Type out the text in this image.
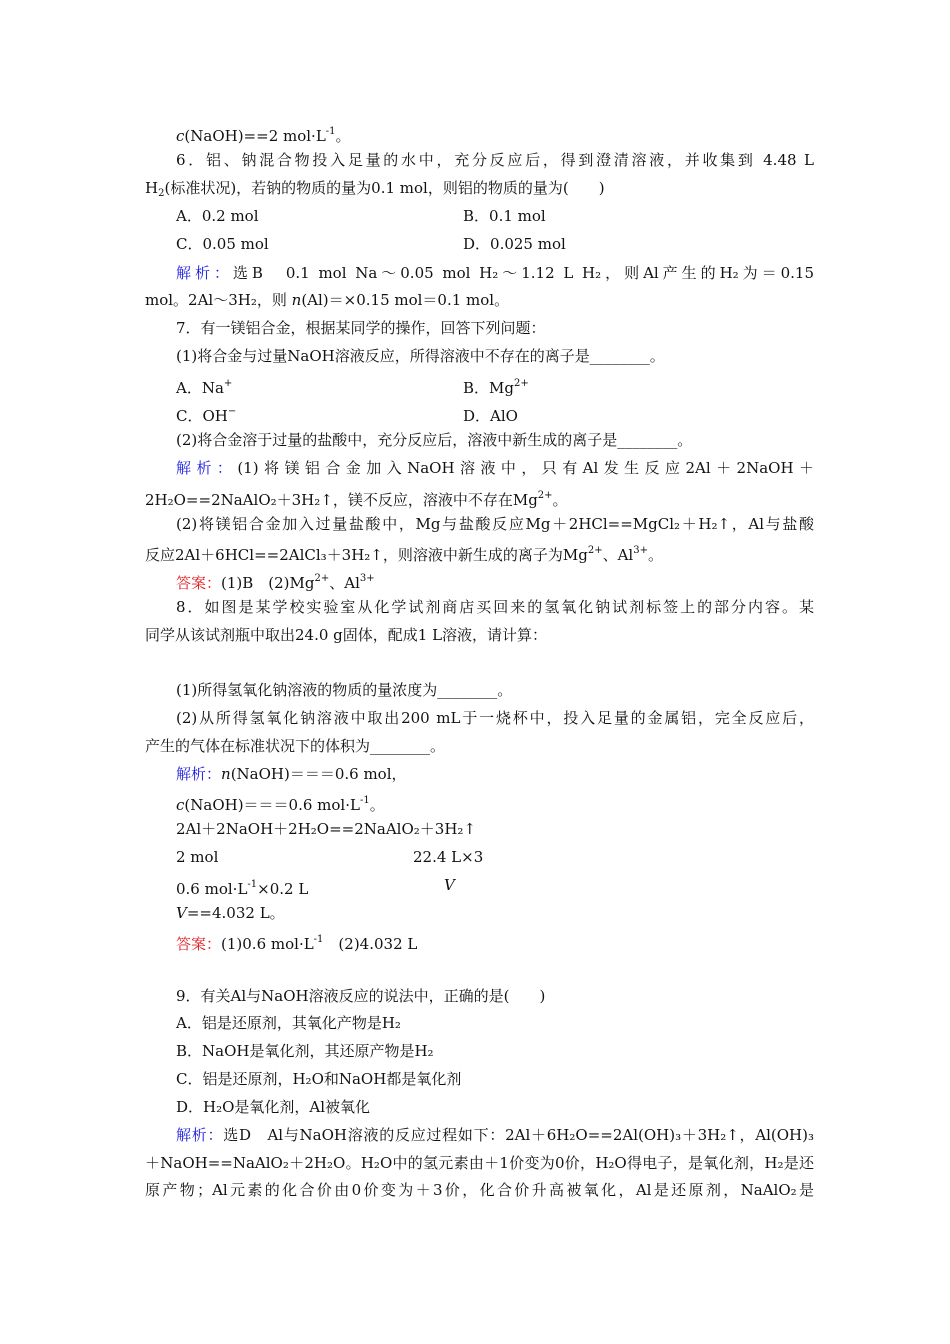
c(NaOH)==2 $mol\cdot L^{-1}$。
6．铝、钠混合物投入足量的水中，充分反应后，得到澄清溶液，并收集到 4.48 L
$H_2$(标准状况)，若钠的物质的量为0.1 mol，则铝的物质的量为(　　)
A．0.2 mol	B．0.1 mol
C．0.05 mol	D．0.025 mol
解析：选B　0.1 mol Na～0.05 mol H₂～1.12 L H₂，则Al产生的H₂为＝0.15
mol。2Al～3H₂，则 n(Al)＝×0.15 mol＝0.1 mol。
7．有一镁铝合金，根据某同学的操作，回答下列问题：
(1)将合金与过量NaOH溶液反应，所得溶液中不存在的离子是________。
A．Na+	B．$Mg^{2+}$
C．OH−	D．AlO
(2)将合金溶于过量的盐酸中，充分反应后，溶液中新生成的离子是________。
解析：(1)将镁铝合金加入NaOH溶液中，只有Al发生反应2Al＋2NaOH＋
2H₂O==2NaAlO₂＋3H₂↑，镁不反应，溶液中不存在$Mg^{2+}$。
(2)将镁铝合金加入过量盐酸中，Mg与盐酸反应Mg＋2HCl==MgCl₂＋H₂↑，Al与盐酸
反应2Al＋6HCl==2AlCl₃＋3H₂↑，则溶液中新生成的离子为$Mg^{2+}$、$Al^{3+}$。
答案：(1)B　$(2)Mg^{2+}$、$Al^{3+}$
8．如图是某学校实验室从化学试剂商店买回来的氢氧化钠试剂标签上的部分内容。某
同学从该试剂瓶中取出24.0 g固体，配成1 L溶液，请计算：
(1)所得氢氧化钠溶液的物质的量浓度为________。
(2)从所得氢氧化钠溶液中取出200 mL于一烧杯中，投入足量的金属铝，完全反应后，
产生的气体在标准状况下的体积为________。
解析：n(NaOH)＝＝＝0.6 mol，
c(NaOH)＝＝＝0.6 $mol\cdot L^{-1}$。
2Al＋2NaOH＋2H₂O==2NaAlO₂＋3H₂↑
2 mol	22.4 L×3
0.6 $mol\cdot L^{-1}\times 0.2$ L	V
V==4.032 L。
答案：(1)0.6 $mol\cdot L^{-1}$　(2)4.032 L
9．有关Al与NaOH溶液反应的说法中，正确的是(　　)
A．铝是还原剂，其氧化产物是H₂
B．NaOH是氧化剂，其还原产物是H₂
C．铝是还原剂，H₂O和NaOH都是氧化剂
D．H₂O是氧化剂，Al被氧化
解析：选D　Al与NaOH溶液的反应过程如下：2Al＋6H₂O==2Al(OH)₃＋3H₂↑，Al(OH)₃
＋NaOH==NaAlO₂＋2H₂O。H₂O中的氢元素由＋1价变为0价，H₂O得电子，是氧化剂，H₂是还
原产物；Al元素的化合价由0价变为＋3价，化合价升高被氧化，Al是还原剂，NaAlO₂是
